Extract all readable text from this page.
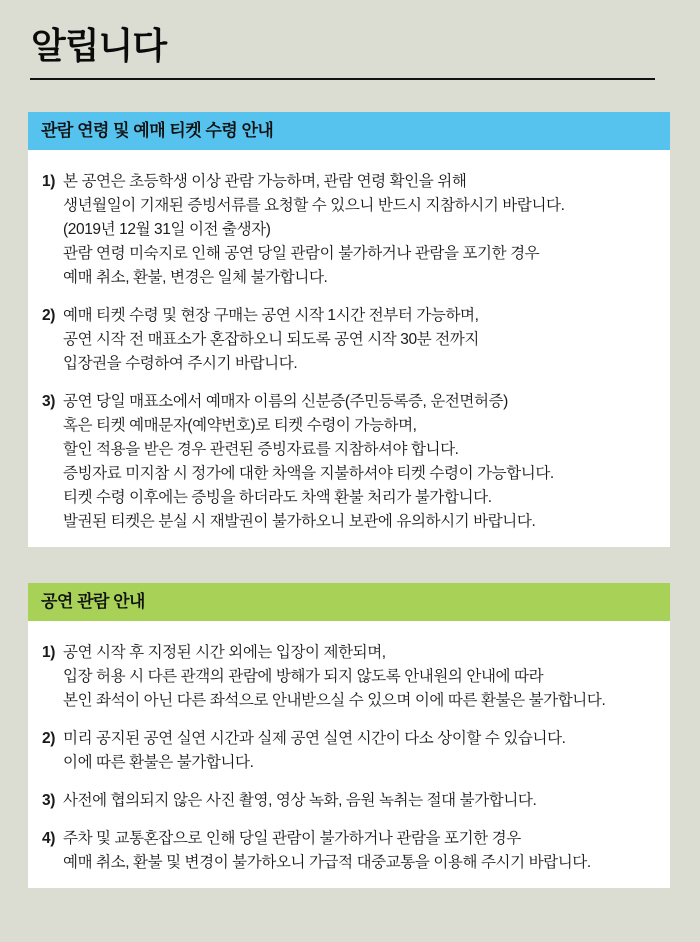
알립니다
관람 연령 및 예매 티켓 수령 안내
1) 본 공연은 초등학생 이상 관람 가능하며, 관람 연령 확인을 위해
생년월일이 기재된 증빙서류를 요청할 수 있으니 반드시 지참하시기 바랍니다.
(2019년 12월 31일 이전 출생자)
관람 연령 미숙지로 인해 공연 당일 관람이 불가하거나 관람을 포기한 경우
예매 취소, 환불, 변경은 일체 불가합니다.
2) 예매 티켓 수령 및 현장 구매는 공연 시작 1시간 전부터 가능하며,
공연 시작 전 매표소가 혼잡하오니 되도록 공연 시작 30분 전까지
입장권을 수령하여 주시기 바랍니다.
3) 공연 당일 매표소에서 예매자 이름의 신분증(주민등록증, 운전면허증)
혹은 티켓 예매문자(예약번호)로 티켓 수령이 가능하며,
할인 적용을 받은 경우 관련된 증빙자료를 지참하셔야 합니다.
증빙자료 미지참 시 정가에 대한 차액을 지불하셔야 티켓 수령이 가능합니다.
티켓 수령 이후에는 증빙을 하더라도 차액 환불 처리가 불가합니다.
발권된 티켓은 분실 시 재발권이 불가하오니 보관에 유의하시기 바랍니다.
공연 관람 안내
1) 공연 시작 후 지정된 시간 외에는 입장이 제한되며,
입장 허용 시 다른 관객의 관람에 방해가 되지 않도록 안내원의 안내에 따라
본인 좌석이 아닌 다른 좌석으로 안내받으실 수 있으며 이에 따른 환불은 불가합니다.
2) 미리 공지된 공연 실연 시간과 실제 공연 실연 시간이 다소 상이할 수 있습니다.
이에 따른 환불은 불가합니다.
3) 사전에 협의되지 않은 사진 촬영, 영상 녹화, 음원 녹취는 절대 불가합니다.
4) 주차 및 교통혼잡으로 인해 당일 관람이 불가하거나 관람을 포기한 경우
예매 취소, 환불 및 변경이 불가하오니 가급적 대중교통을 이용해 주시기 바랍니다.
